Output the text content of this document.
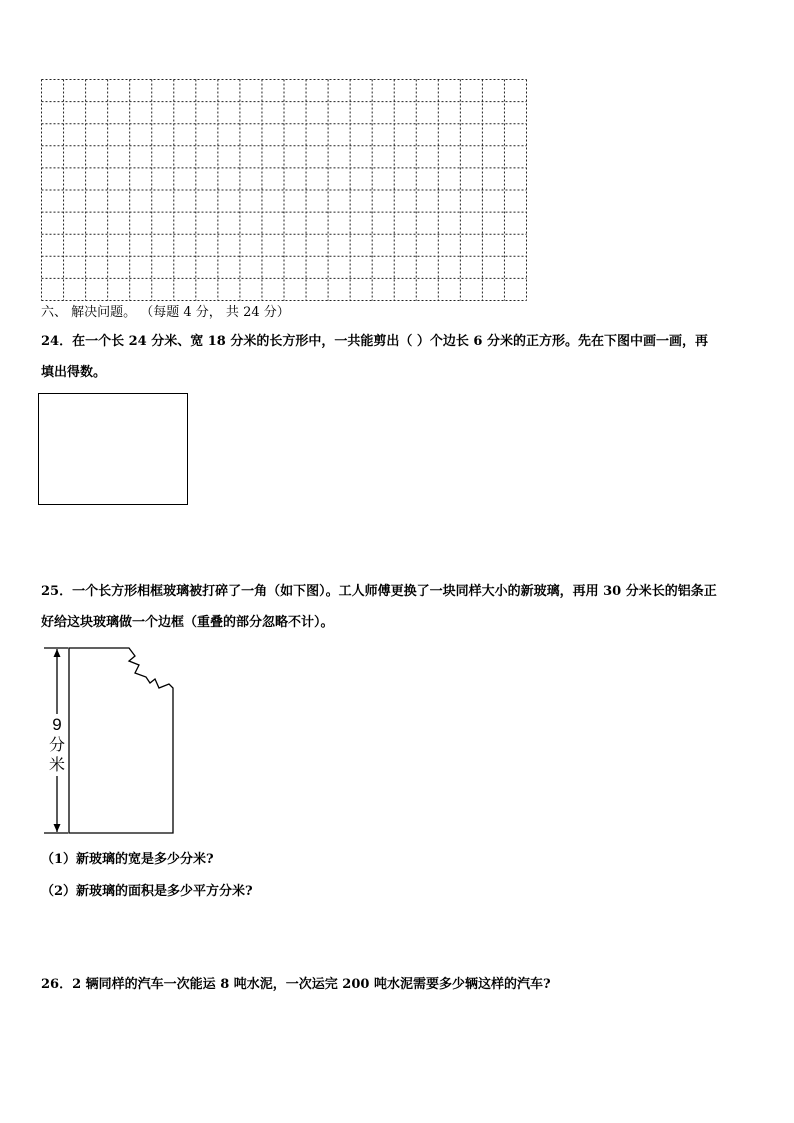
六、 解决问题。 （每题 4 分， 共 24 分）
24．在一个长 24 分米、宽 18 分米的长方形中，一共能剪出（ ）个边长 6 分米的正方形。先在下图中画一画，再
填出得数。
25．一个长方形相框玻璃被打碎了一角（如下图）。工人师傅更换了一块同样大小的新玻璃，再用 30 分米长的铝条正
好给这块玻璃做一个边框（重叠的部分忽略不计）。
9
分
米
（1）新玻璃的宽是多少分米?
（2）新玻璃的面积是多少平方分米?
26．2 辆同样的汽车一次能运 8 吨水泥，一次运完 200 吨水泥需要多少辆这样的汽车?
